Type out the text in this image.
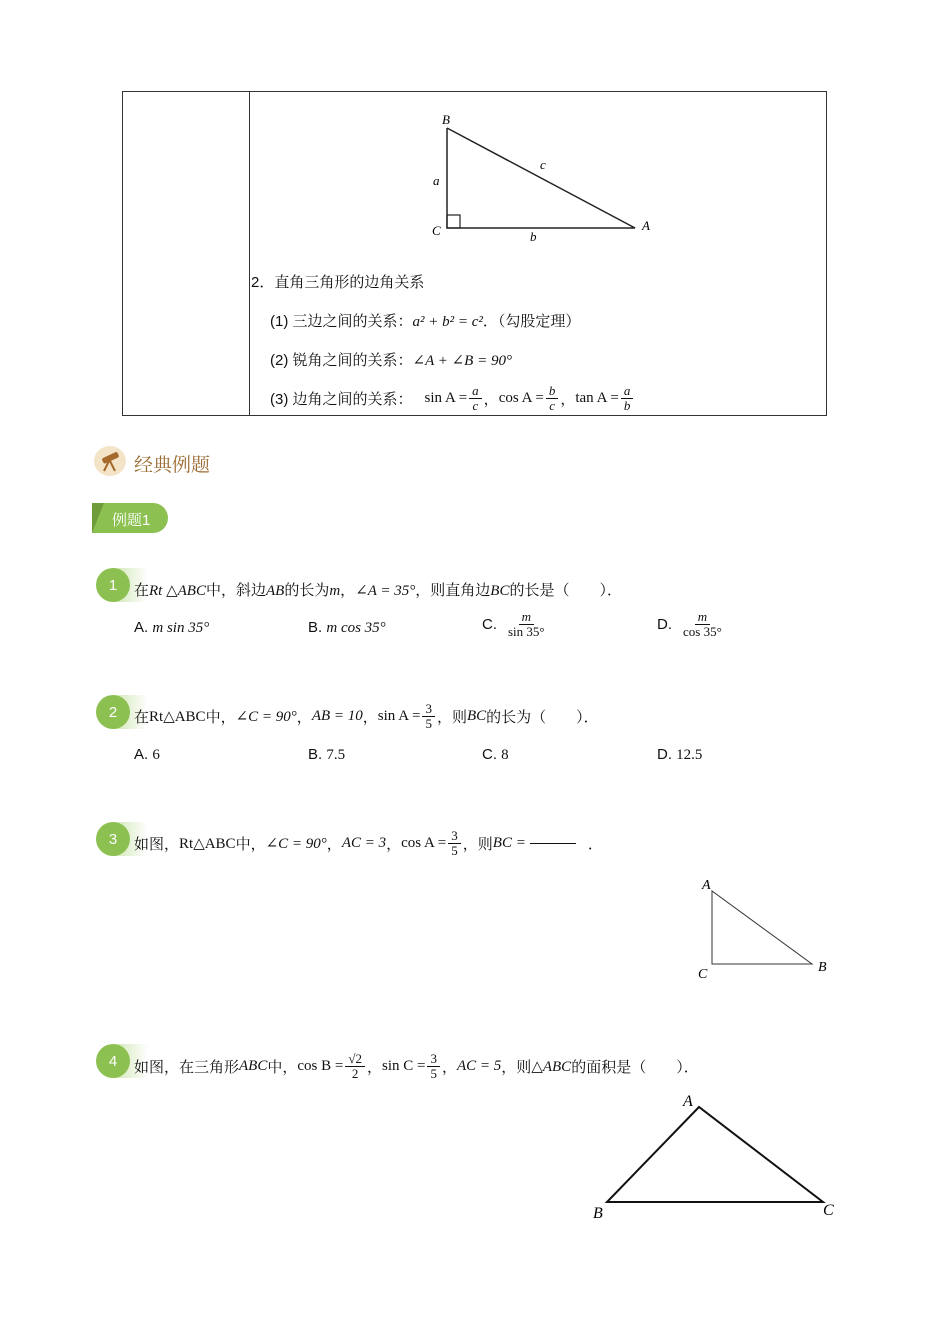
B
C	A
a
b
c
2．直角三角形的边角关系
(1) 三边之间的关系：a² + b² = c²．（勾股定理）
(2) 锐角之间的关系：∠A + ∠B = 90°
(3) 边角之间的关系： $\sin A = \frac{a}{c}$ ， $\cos A = \frac{b}{c}$ ， $\tan A = \frac{a}{b}$
经典例题
例题1
1	在Rt △ABC中，斜边AB的长为m，∠A = 35°，则直角边BC的长是（　　）．
A. m sin 35°	B. m cos 35°	C. $\frac{m}{\sin 35^\circ}$	D. $\frac{m}{\cos 35^\circ}$
2	在 Rt△ABC 中， ∠C = 90° ， AB = 10 ， $\sin A = \frac{3}{5}$ ，则 BC 的长为（　　）．
A. 6	B. 7.5	C. 8	D. 12.5
3	如图， Rt△ABC 中， ∠C = 90° ， AC = 3 ， $\cos A = \frac{3}{5}$ ，则 BC =	．
A
C	B
4	如图，在三角形 ABC 中， $\cos B = \frac{√2}{2}$ ， $\sin C = \frac{3}{5}$ ， AC = 5 ，则 △ABC 的面积是（　　）．
A
B	C
